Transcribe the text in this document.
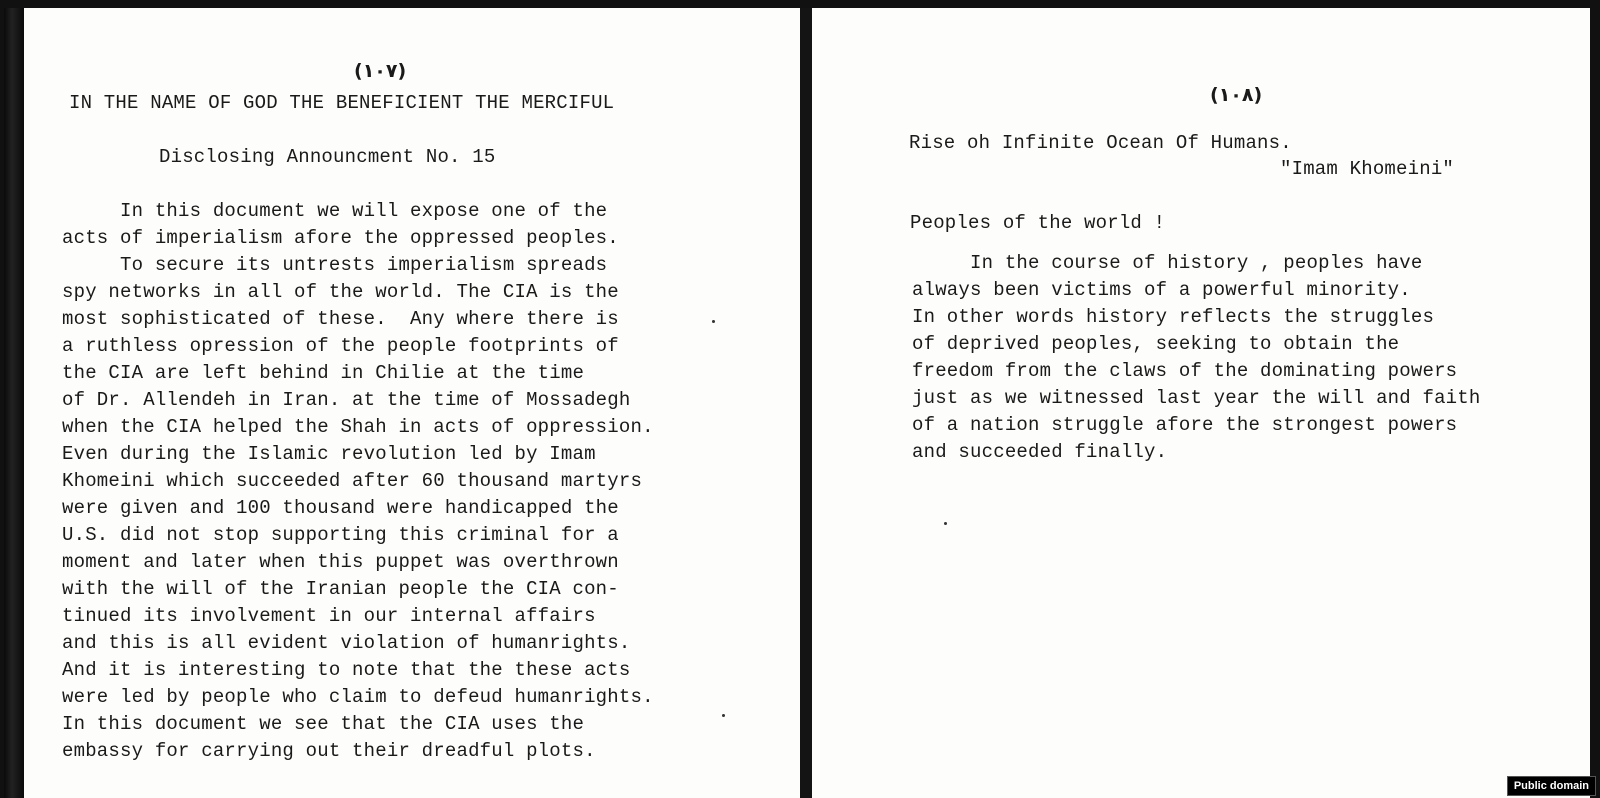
(١٠٧)
IN THE NAME OF GOD THE BENEFICIENT THE MERCIFUL
Disclosing Announcment No. 15
In this document we will expose one of the
acts of imperialism afore the oppressed peoples.
To secure its untrests imperialism spreads
spy networks in all of the world. The CIA is the
most sophisticated of these.  Any where there is
a ruthless opression of the people footprints of
the CIA are left behind in Chilie at the time
of Dr. Allendeh in Iran. at the time of Mossadegh
when the CIA helped the Shah in acts of oppression.
Even during the Islamic revolution led by Imam
Khomeini which succeeded after 60 thousand martyrs
were given and 100 thousand were handicapped the
U.S. did not stop supporting this criminal for a
moment and later when this puppet was overthrown
with the will of the Iranian people the CIA con-
tinued its involvement in our internal affairs
and this is all evident violation of humanrights.
And it is interesting to note that the these acts
were led by people who claim to defeud humanrights.
In this document we see that the CIA uses the
embassy for carrying out their dreadful plots.
(١٠٨)
Rise oh Infinite Ocean Of Humans.
"Imam Khomeini"
Peoples of the world !
In the course of history , peoples have
always been victims of a powerful minority.
In other words history reflects the struggles
of deprived peoples, seeking to obtain the
freedom from the claws of the dominating powers
just as we witnessed last year the will and faith
of a nation struggle afore the strongest powers
and succeeded finally.
Public domain
